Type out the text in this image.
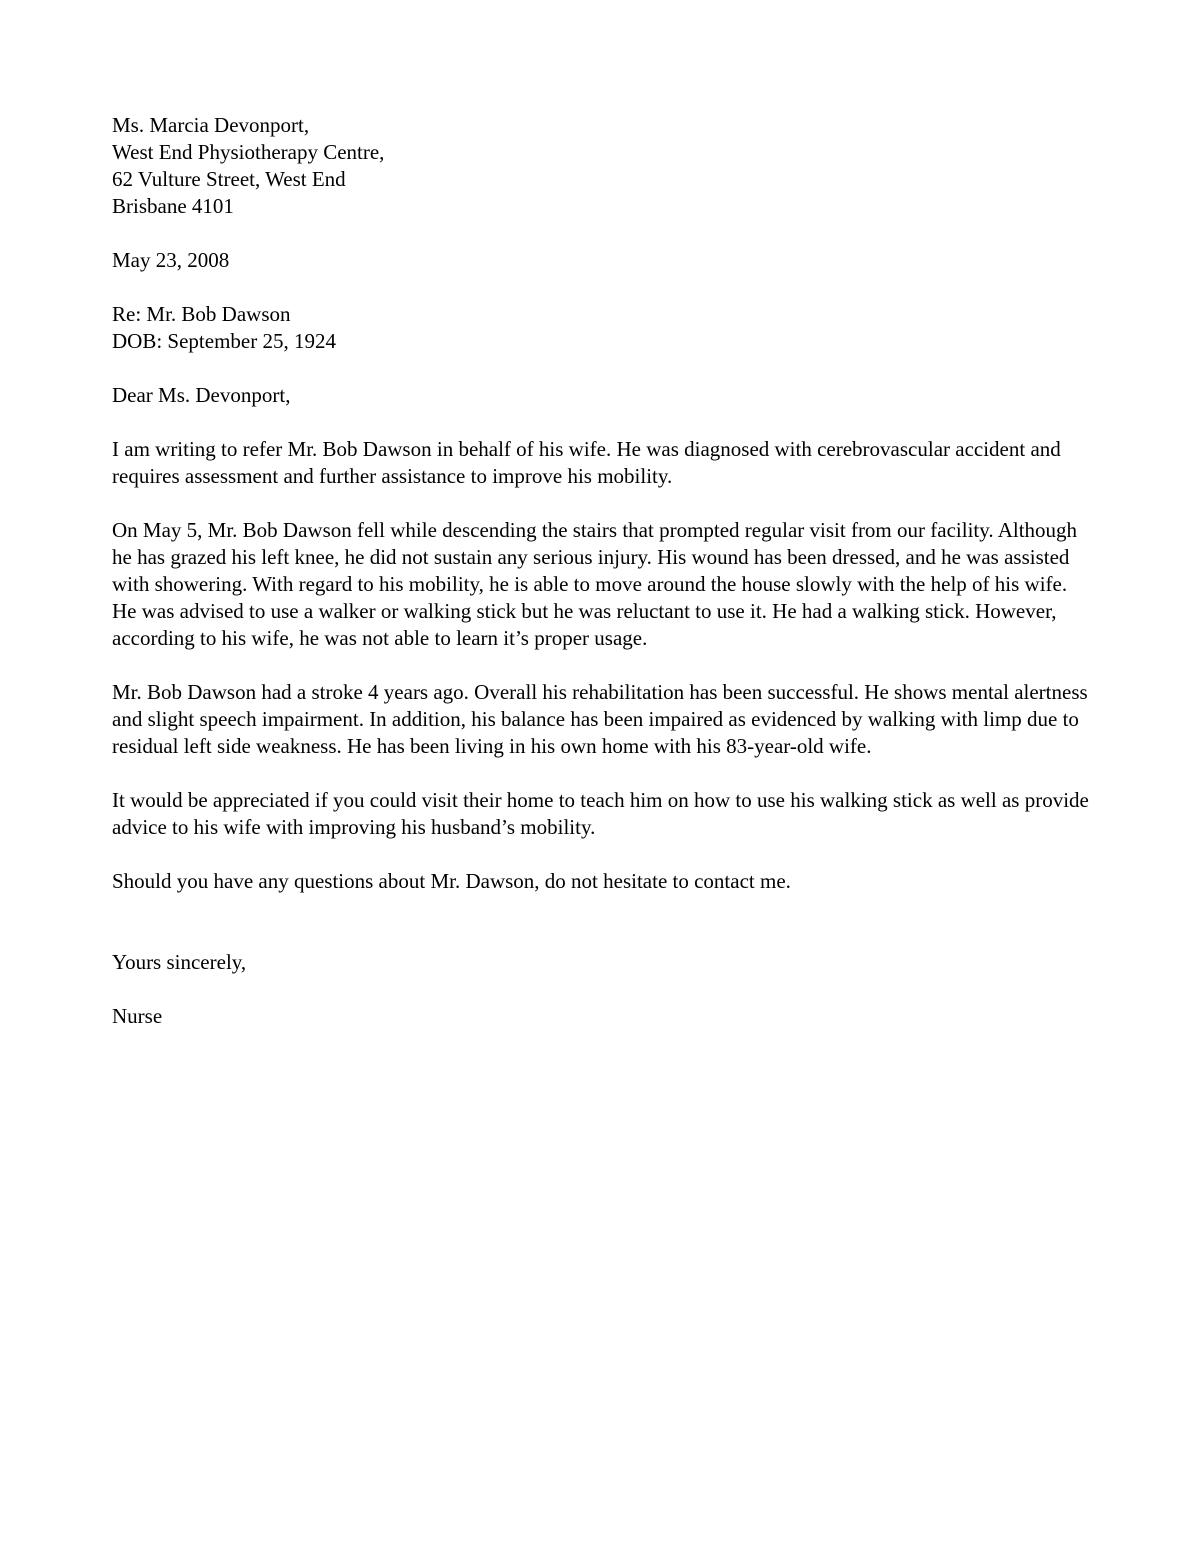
Ms. Marcia Devonport,
West End Physiotherapy Centre,
62 Vulture Street, West End
Brisbane 4101
May 23, 2008
Re: Mr. Bob Dawson
DOB: September 25, 1924
Dear Ms. Devonport,

I am writing to refer Mr. Bob Dawson in behalf of his wife. He was diagnosed with cerebrovascular accident and requires assessment and further assistance to improve his mobility.

On May 5, Mr. Bob Dawson fell while descending the stairs that prompted regular visit from our facility. Although he has grazed his left knee, he did not sustain any serious injury. His wound has been dressed, and he was assisted with showering. With regard to his mobility, he is able to move around the house slowly with the help of his wife. He was advised to use a walker or walking stick but he was reluctant to use it. He had a walking stick. However, according to his wife, he was not able to learn it’s proper usage.

Mr. Bob Dawson had a stroke 4 years ago. Overall his rehabilitation has been successful. He shows mental alertness and slight speech impairment. In addition, his balance has been impaired as evidenced by walking with limp due to residual left side weakness. He has been living in his own home with his 83-year-old wife.

It would be appreciated if you could visit their home to teach him on how to use his walking stick as well as provide advice to his wife with improving his husband’s mobility.

Should you have any questions about Mr. Dawson, do not hesitate to contact me.

Yours sincerely,
Nurse
